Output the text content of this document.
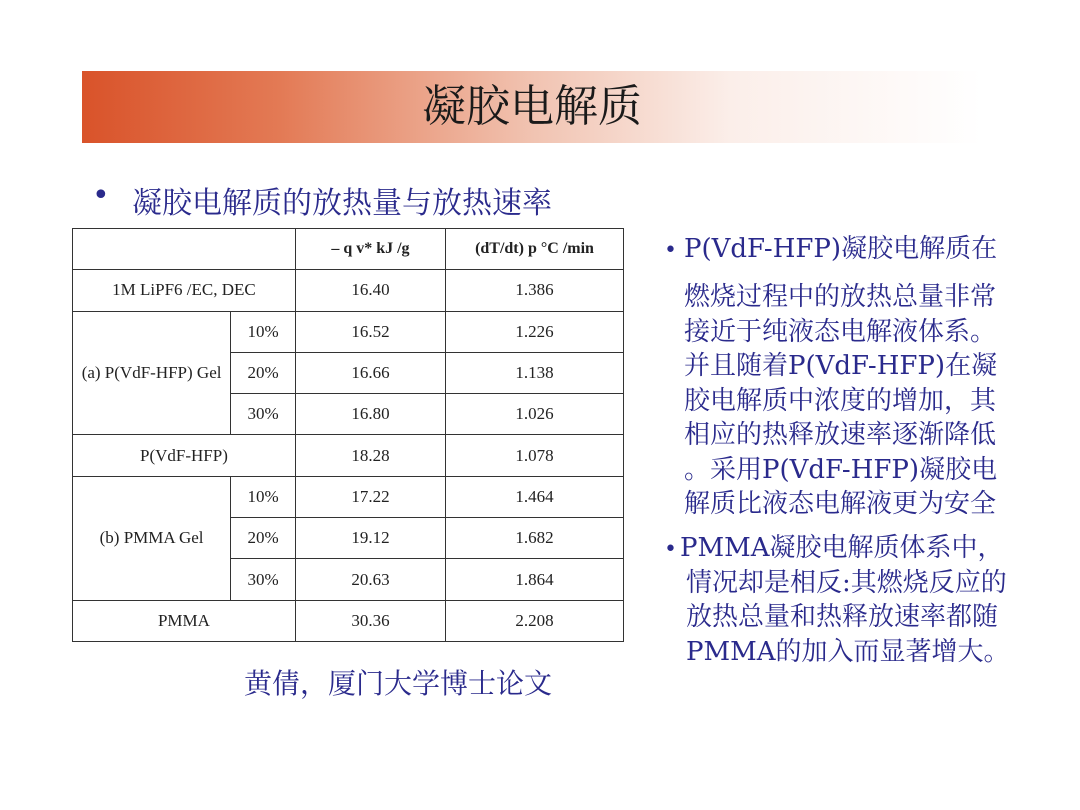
凝胶电解质
• 凝胶电解质的放热量与放热速率
		– q v* kJ /g	(dT/dt) p °C /min
1M LiPF6 /EC, DEC		16.40	1.386
(a) P(VdF-HFP) Gel	10%	16.52	1.226
	20%	16.66	1.138
	30%	16.80	1.026
P(VdF-HFP)		18.28	1.078
(b) PMMA Gel	10%	17.22	1.464
	20%	19.12	1.682
	30%	20.63	1.864
PMMA		30.36	2.208
• P(VdF-HFP)凝胶电解质在
燃烧过程中的放热总量非常
接近于纯液态电解液体系。
并且随着P(VdF-HFP)在凝
胶电解质中浓度的增加，其
相应的热释放速率逐渐降低
。采用P(VdF-HFP)凝胶电
解质比液态电解液更为安全
• PMMA凝胶电解质体系中，
情况却是相反:其燃烧反应的
放热总量和热释放速率都随
PMMA的加入而显著增大。
黄倩，厦门大学博士论文
